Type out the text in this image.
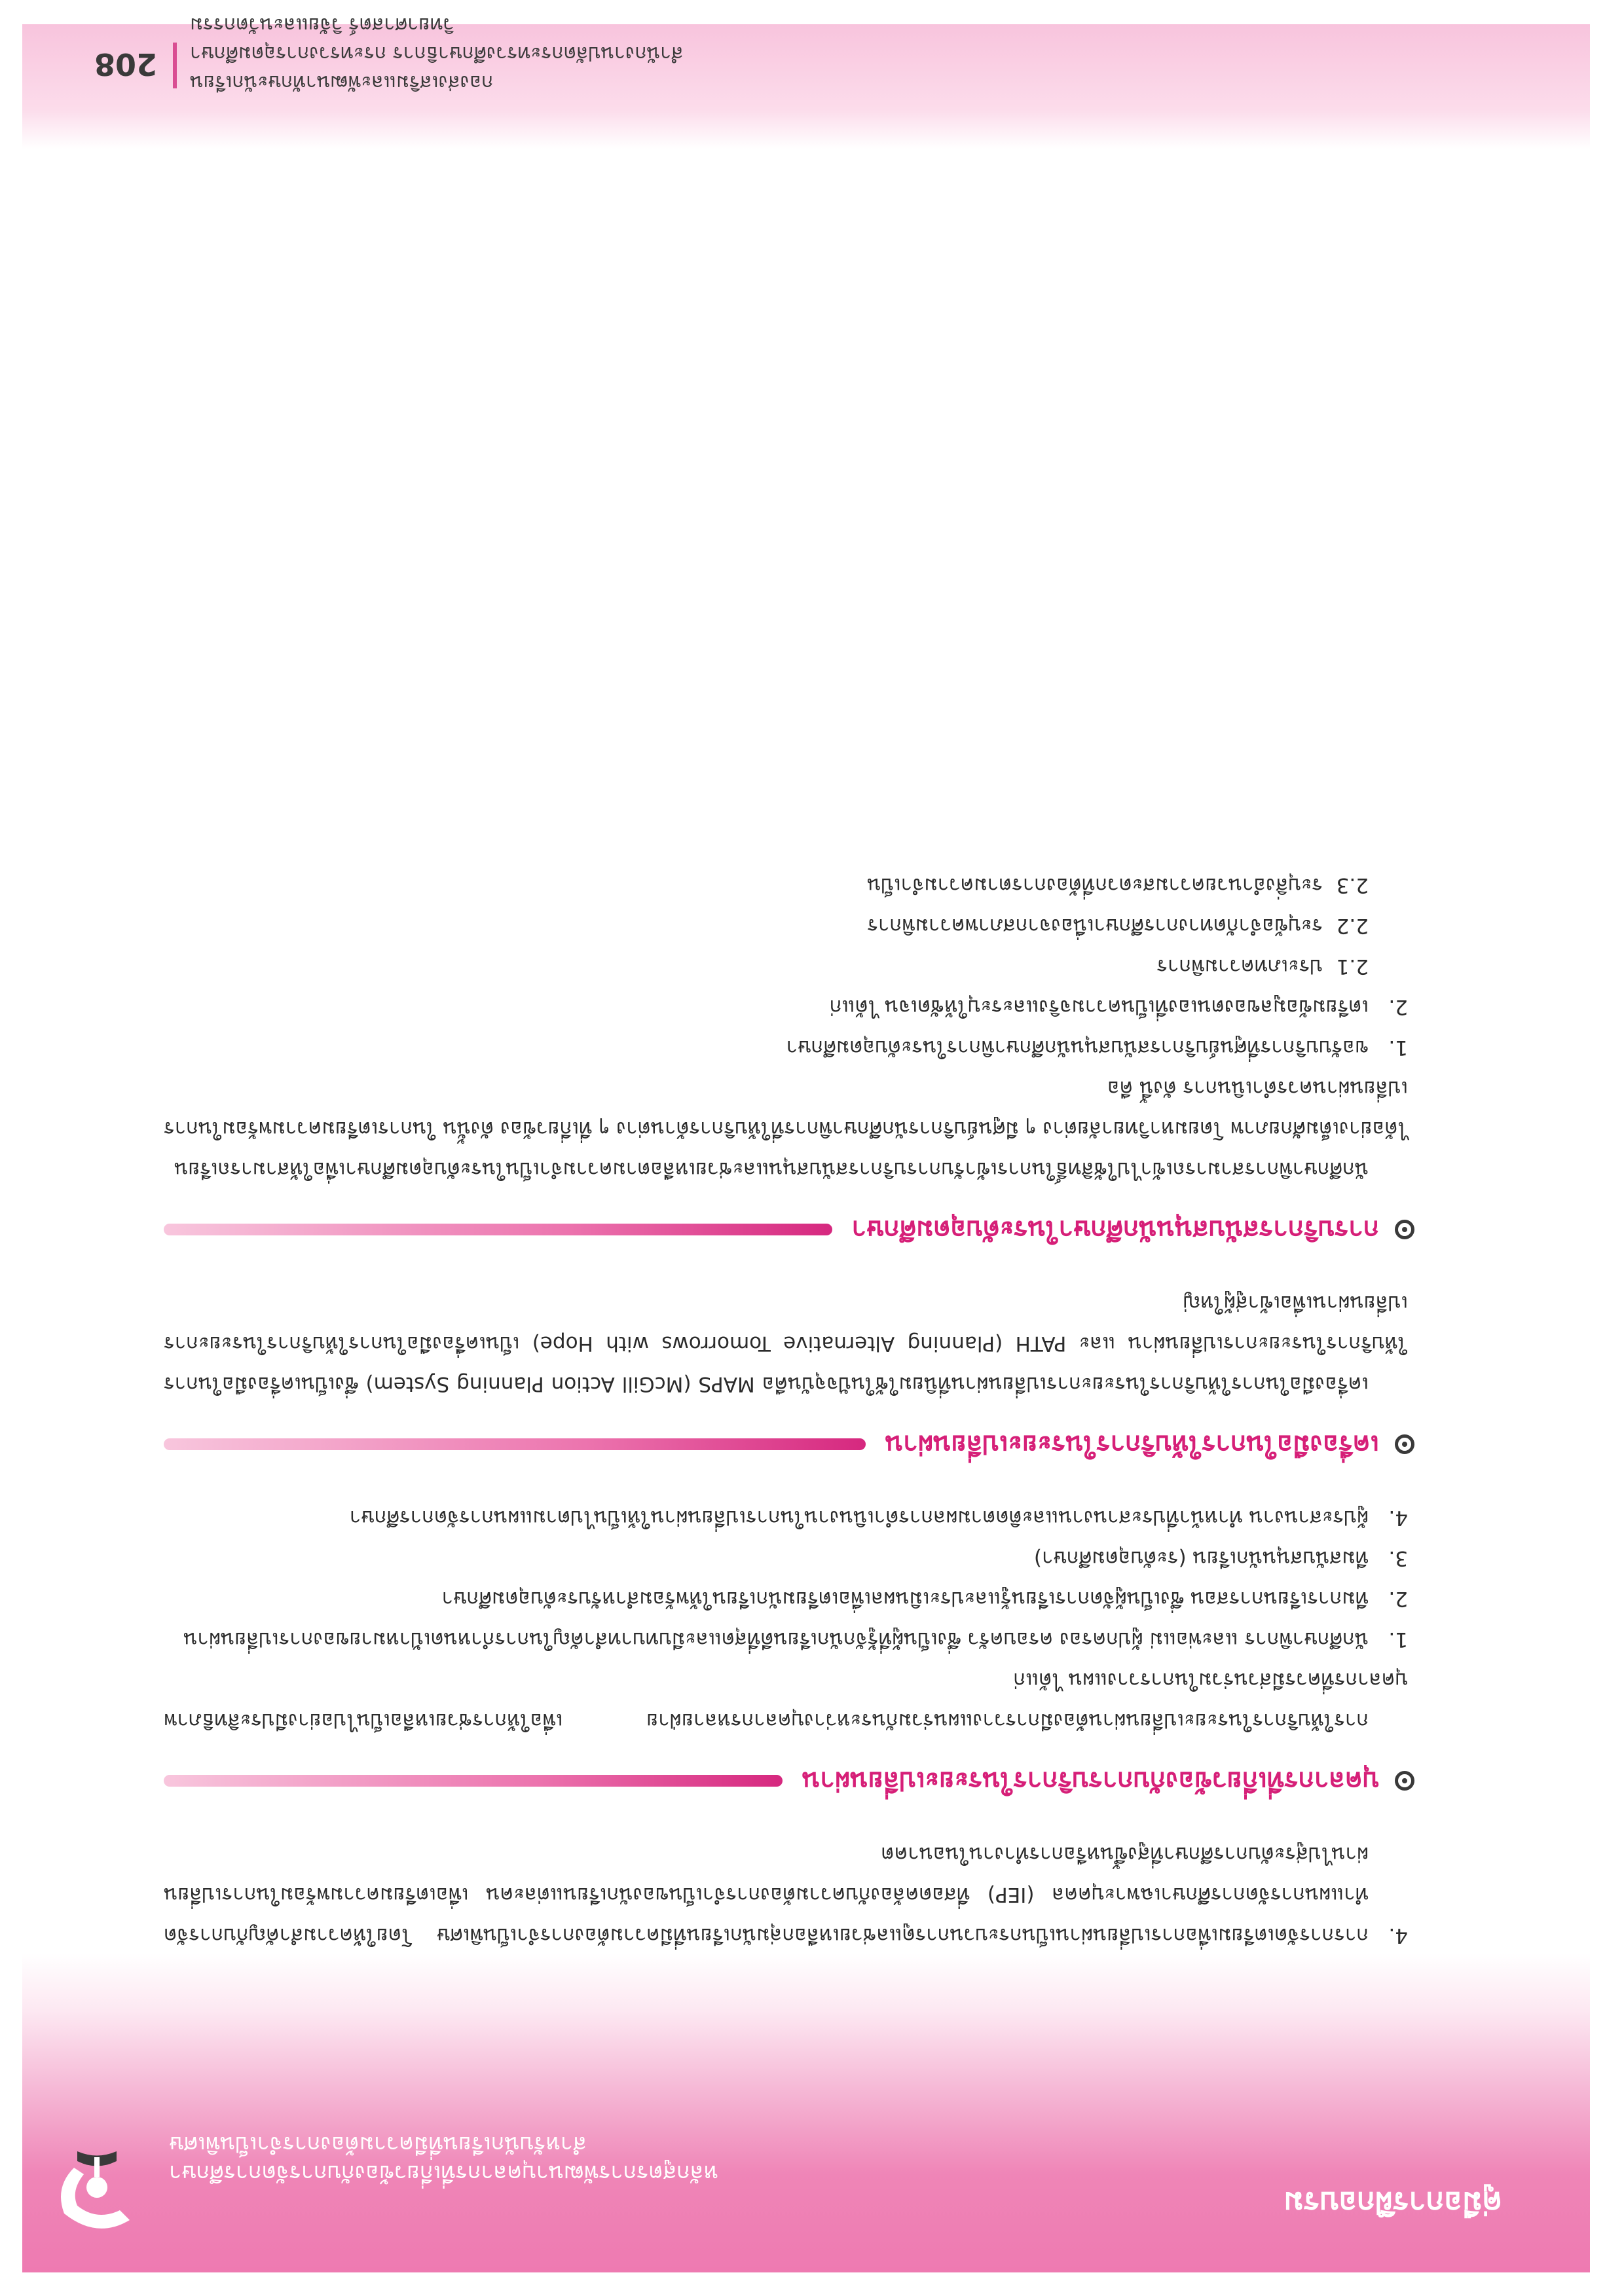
คู่มือการฝึกอบรม
หลักสูตรการพัฒนาบุคลากรที่เกี่ยวข้องกับการจัดการศึกษา
สำหรับนักเรียนที่มีความต้องการจำเป็นพิเศษ
4.
การการจัดเตรียมเพื่อการเปลี่ยนผ่านเป็นกระบวนการดูแลช่วยเหลือกลุ่มนักเรียนที่มีความต้องการจำเป็นพิเศษ โดยให้ความสำคัญกับการจัดทำแผนการจัดการศึกษาเฉพาะบุคคล (IEP) ที่สอดคล้องกับความต้องการจำเป็นของนักเรียนแต่ละคน เพื่อเตรียมความพร้อมในการเปลี่ยนผ่านไปสู่ระดับการศึกษาที่สูงขึ้นหรือการทำงานในอนาคต
บุคลากรที่เกี่ยวข้องกับการบริการในระยะเปลี่ยนผ่าน

การให้บริการในระยะเปลี่ยนผ่านต้องมีการวางแผนร่วมกันระหว่างบุคลากรหลายฝ่าย เพื่อให้การช่วยเหลือเป็นไปอย่างมีประสิทธิภาพ บุคลากรที่ควรมีส่วนร่วมในการวางแผน ได้แก่

1.
นักศึกษาพิการ และพ่อแม่ ผู้ปกครอง ครอบครัว ซึ่งเป็นผู้ที่รู้จักนักเรียนดีที่สุดและมีบทบาทสำคัญในการกำหนดเป้าหมายของการเปลี่ยนผ่าน
2.
ทีมการเรียนการสอน ซึ่งเป็นผู้จัดการเรียนรู้และประเมินผลเพื่อเตรียมนักเรียนให้พร้อมสำหรับระดับอุดมศึกษา
3.
ทีมสนับสนุนนักเรียน (ระดับอุดมศึกษา)
4.
ผู้ประสานงาน ทำหน้าที่ประสานงานและติดตามผลการดำเนินงานในการเปลี่ยนผ่านให้เป็นไปตามแผนการจัดการศึกษา
เครื่องมือในการให้บริการในระยะเปลี่ยนผ่าน

เครื่องมือในการให้บริการในระยะการเปลี่ยนผ่านที่นิยมใช้ในปัจจุบันคือ MAPS (McGill Action Planning System) ซึ่งเป็นเครื่องมือในการให้บริการในระยะการเปลี่ยนผ่าน และ PATH (Planning Alternative Tomorrows with Hope) เป็นเครื่องมือในการให้บริการในระยะการเปลี่ยนผ่านเพื่อเข้าสู่ผู้ใหญ่

การบริการสนับสนุนนักศึกษาในระดับอุดมศึกษา

นักศึกษาพิการสามารถเข้าไปใช้สิทธิ์ในการเข้ารับการบริการสนับสนุนและช่วยเหลือตามความจำเป็นในระดับอุดมศึกษาเพื่อให้สามารถเรียนได้อย่างเต็มศักยภาพ โดยมหาวิทยาลัยต่าง ๆ มีศูนย์บริการนักศึกษาพิการที่ให้บริการด้านต่าง ๆ ที่เกี่ยวข้อง ดังนั้น ในการเตรียมความพร้อมในการเปลี่ยนผ่านควรดำเนินการ ดังนี้ คือ

1.
ขอรับบริการที่ศูนย์บริการสนับสนุนนักศึกษาพิการในระดับอุดมศึกษา
2.
เตรียมข้อมูลของตนเองที่เป็นความจริงและระบุให้ชัดเจน ได้แก่
2.1
ประเภทความพิการ
2.2
ระบุข้อจำกัดทางการศึกษาเนื่องจากสภาพความพิการ
2.3
ระบุสิ่งอำนวยความสะดวกที่ต้องการตามความจำเป็น
208
กองส่งเสริมและพัฒนาทักษะนักเรียน
สำนักงานปลัดกระทรวงศึกษาธิการ กระทรวงการอุดมศึกษา วิทยาศาสตร์ วิจัยและนวัตกรรม
